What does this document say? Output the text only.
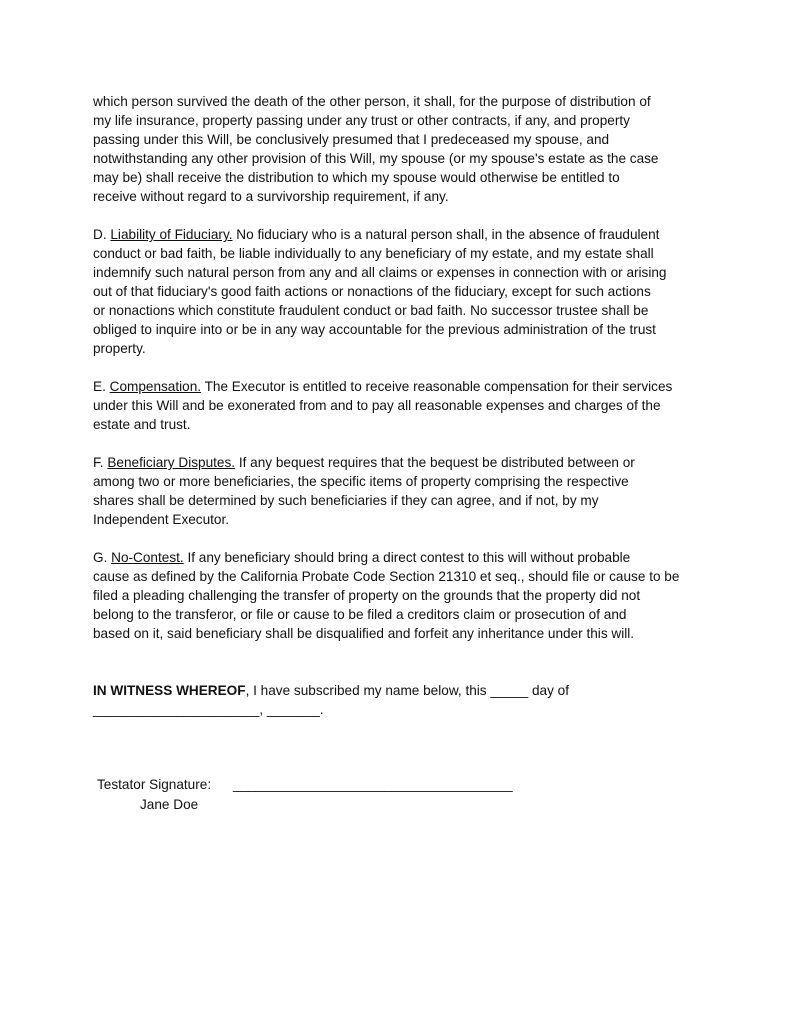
which person survived the death of the other person, it shall, for the purpose of distribution of
my life insurance, property passing under any trust or other contracts, if any, and property
passing under this Will, be conclusively presumed that I predeceased my spouse, and
notwithstanding any other provision of this Will, my spouse (or my spouse's estate as the case
may be) shall receive the distribution to which my spouse would otherwise be entitled to
receive without regard to a survivorship requirement, if any.

D. Liability of Fiduciary. No fiduciary who is a natural person shall, in the absence of fraudulent
conduct or bad faith, be liable individually to any beneficiary of my estate, and my estate shall
indemnify such natural person from any and all claims or expenses in connection with or arising
out of that fiduciary's good faith actions or nonactions of the fiduciary, except for such actions
or nonactions which constitute fraudulent conduct or bad faith. No successor trustee shall be
obliged to inquire into or be in any way accountable for the previous administration of the trust
property.

E. Compensation. The Executor is entitled to receive reasonable compensation for their services
under this Will and be exonerated from and to pay all reasonable expenses and charges of the
estate and trust.

F. Beneficiary Disputes. If any bequest requires that the bequest be distributed between or
among two or more beneficiaries, the specific items of property comprising the respective
shares shall be determined by such beneficiaries if they can agree, and if not, by my
Independent Executor.

G. No-Contest. If any beneficiary should bring a direct contest to this will without probable
cause as defined by the California Probate Code Section 21310 et seq., should file or cause to be
filed a pleading challenging the transfer of property on the grounds that the property did not
belong to the transferor, or file or cause to be filed a creditors claim or prosecution of and
based on it, said beneficiary shall be disqualified and forfeit any inheritance under this will.

IN WITNESS WHEREOF, I have subscribed my name below, this _____ day of
______________________, _______.

Testator Signature: _____________________________________
Jane Doe
